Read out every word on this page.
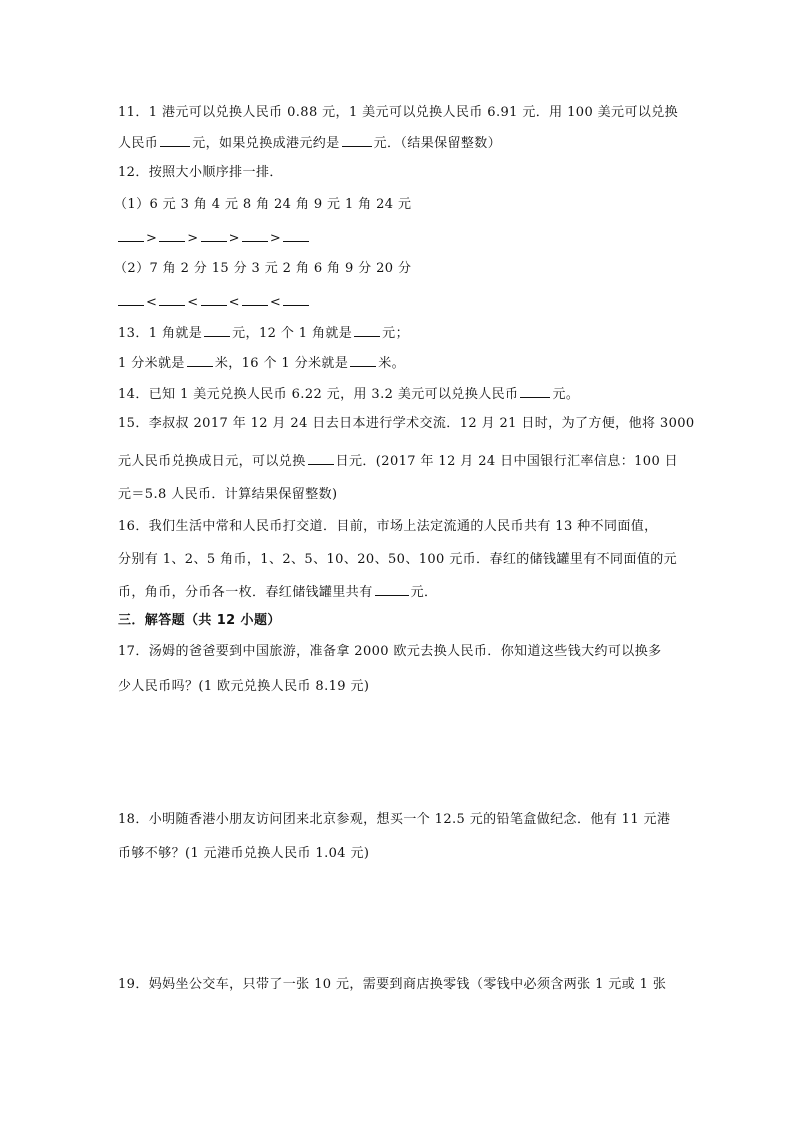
11．1 港元可以兑换人民币 0.88 元，1 美元可以兑换人民币 6.91 元．用 100 美元可以兑换
人民币	元，如果兑换成港元约是	元．（结果保留整数）
12．按照大小顺序排一排．
（1）6 元 3 角 4 元 8 角 24 角 9 元 1 角 24 元
> > > >
（2）7 角 2 分 15 分 3 元 2 角 6 角 9 分 20 分
< < < <
13．1 角就是 元，12 个 1 角就是 元；
1 分米就是 米，16 个 1 分米就是 米。
14．已知 1 美元兑换人民币 6.22 元，用 3.2 美元可以兑换人民币	元。
15．李叔叔 2017 年 12 月 24 日去日本进行学术交流．12 月 21 日时，为了方便，他将 3000
元人民币兑换成日元，可以兑换 日元．(2017 年 12 月 24 日中国银行汇率信息：100 日
元＝5.8 人民币．计算结果保留整数)
16．我们生活中常和人民币打交道．目前，市场上法定流通的人民币共有 13 种不同面值，
分别有 1、2、5 角币，1、2、5、10、20、50、100 元币．春红的储钱罐里有不同面值的元
币，角币，分币各一枚．春红储钱罐里共有	元．
三．解答题（共 12 小题）
17．汤姆的爸爸要到中国旅游，准备拿 2000 欧元去换人民币．你知道这些钱大约可以换多
少人民币吗？(1 欧元兑换人民币 8.19 元)
18．小明随香港小朋友访问团来北京参观，想买一个 12.5 元的铅笔盒做纪念．他有 11 元港
币够不够？(1 元港币兑换人民币 1.04 元)
19．妈妈坐公交车，只带了一张 10 元，需要到商店换零钱（零钱中必须含两张 1 元或 1 张
